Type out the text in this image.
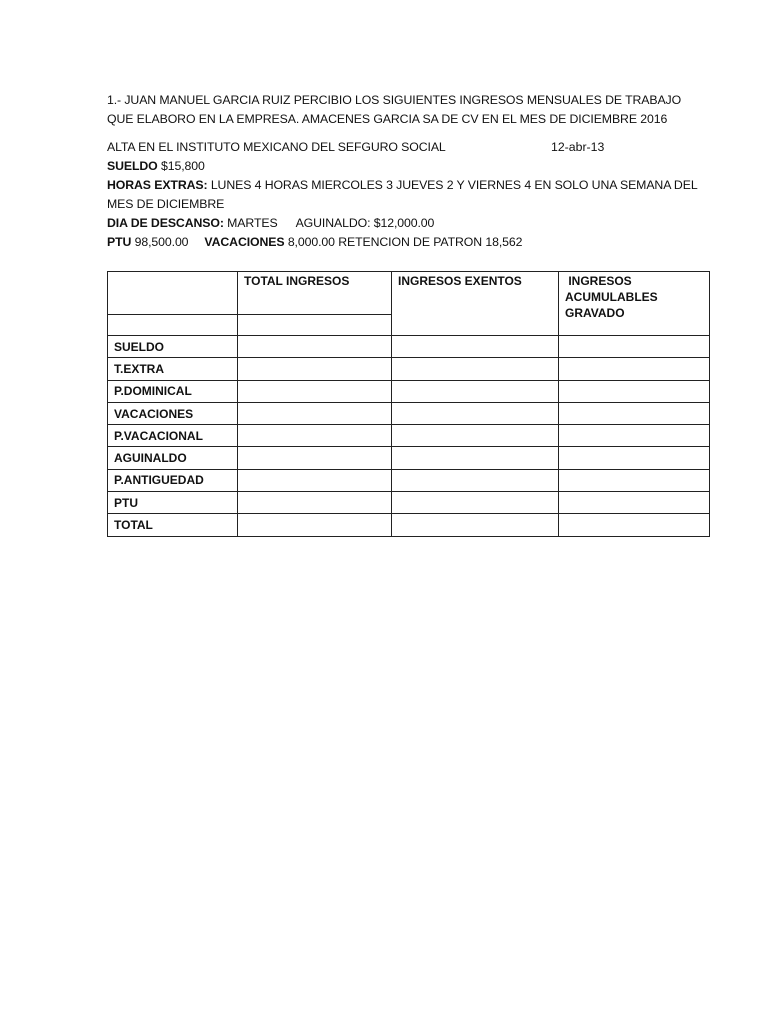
1.- JUAN MANUEL GARCIA RUIZ PERCIBIO LOS SIGUIENTES INGRESOS MENSUALES DE TRABAJO
QUE ELABORO EN LA EMPRESA. AMACENES GARCIA SA DE CV EN EL MES DE DICIEMBRE 2016
ALTA EN EL INSTITUTO MEXICANO DEL SEFGURO SOCIAL	12-abr-13
SUELDO $15,800
HORAS EXTRAS: LUNES 4 HORAS MIERCOLES 3 JUEVES 2 Y VIERNES 4 EN SOLO UNA SEMANA DEL
MES DE DICIEMBRE
DIA DE DESCANSO: MARTES AGUINALDO: $12,000.00
PTU 98,500.00 VACACIONES 8,000.00 RETENCION DE PATRON 18,562
	TOTAL INGRESOS	INGRESOS EXENTOS	INGRESOS
ACUMULABLES
GRAVADO

SUELDO			
T.EXTRA			
P.DOMINICAL			
VACACIONES			
P.VACACIONAL			
AGUINALDO			
P.ANTIGUEDAD			
PTU			
TOTAL			
